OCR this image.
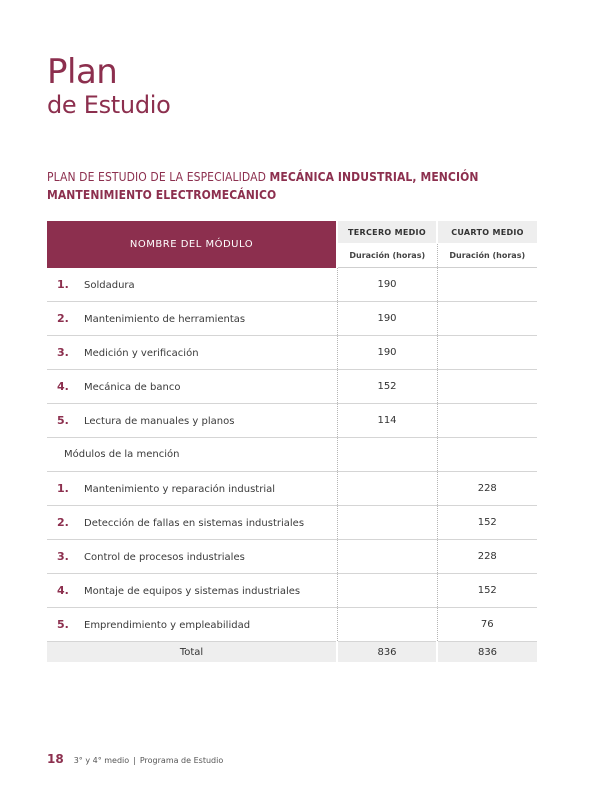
Plan
de Estudio
PLAN DE ESTUDIO DE LA ESPECIALIDAD MECÁNICA INDUSTRIAL, MENCIÓN MANTENIMIENTO ELECTROMECÁNICO
NOMBRE DEL MÓDULO	TERCERO MEDIO	CUARTO MEDIO
	Duración (horas)	Duración (horas)
1. Soldadura	190	
2. Mantenimiento de herramientas	190	
3. Medición y verificación	190	
4. Mecánica de banco	152	
5. Lectura de manuales y planos	114	
Módulos de la mención		
1. Mantenimiento y reparación industrial		228
2. Detección de fallas en sistemas industriales		152
3. Control de procesos industriales		228
4. Montaje de equipos y sistemas industriales		152
5. Emprendimiento y empleabilidad		76
Total	836	836
18 3° y 4° medio | Programa de Estudio
